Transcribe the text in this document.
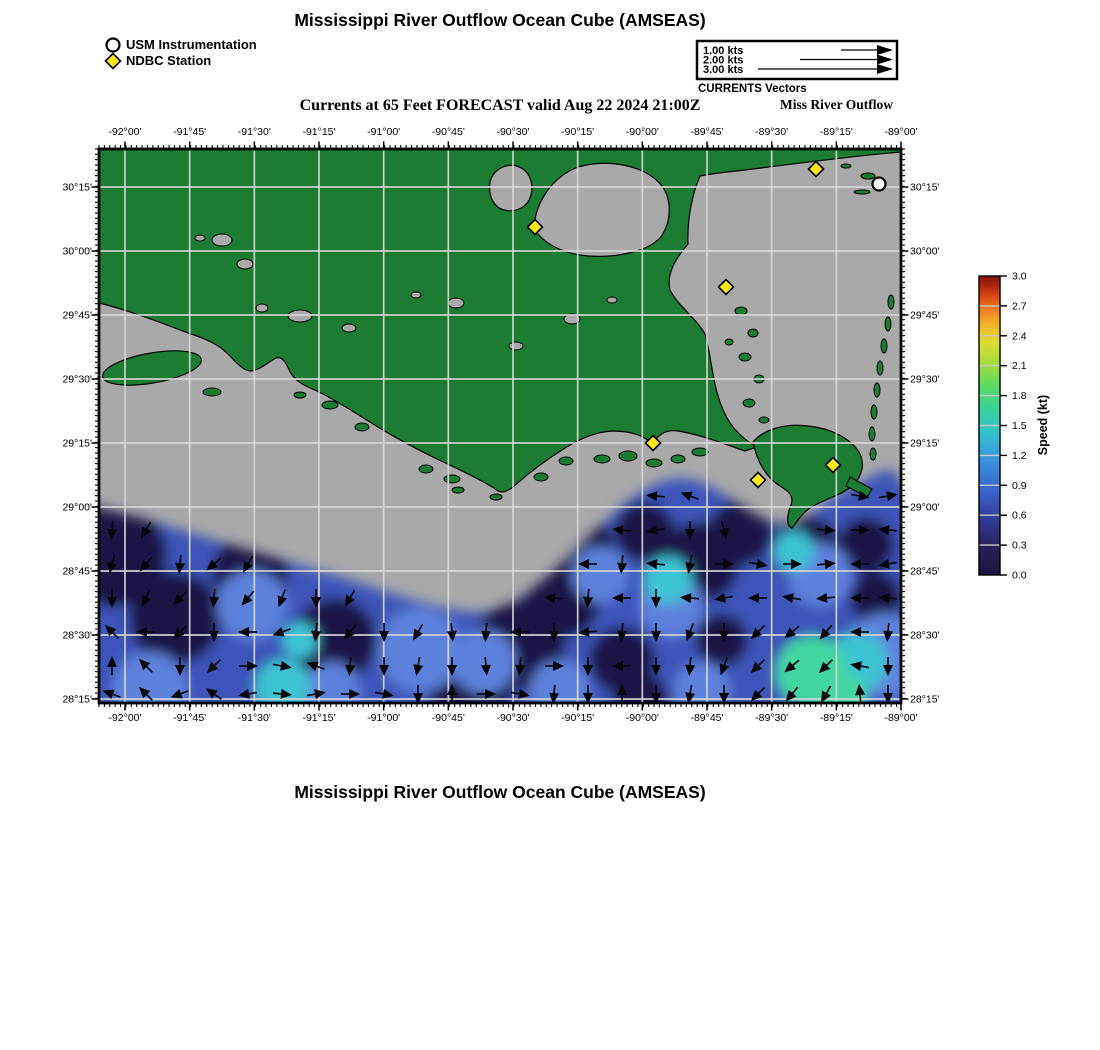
Mississippi River Outflow Ocean Cube (AMSEAS)
USM Instrumentation
NDBC Station
1.00 kts
2.00 kts
3.00 kts
CURRENTS Vectors
Currents at 65 Feet FORECAST valid Aug 22 2024 21:00Z	Miss River Outflow
-92°00'
-92°00'
-91°45'
-91°45'
-91°30'
-91°30'
-91°15'
-91°15'
-91°00'
-91°00'
-90°45'
-90°45'
-90°30'
-90°30'
-90°15'
-90°15'
-90°00'
-90°00'
-89°45'
-89°45'
-89°30'
-89°30'
-89°15'
-89°15'
-89°00'
-89°00'
30°15'	30°15'
30°00'	30°00'
29°45'	29°45'
29°30'	29°30'
29°15'	29°15'
29°00'	29°00'
28°45'	28°45'
28°30'	28°30'
28°15'	28°15'
0.0
0.3
0.6
0.9
1.2
1.5
1.8
2.1
2.4
2.7
3.0
Speed (kt)
Mississippi River Outflow Ocean Cube (AMSEAS)
